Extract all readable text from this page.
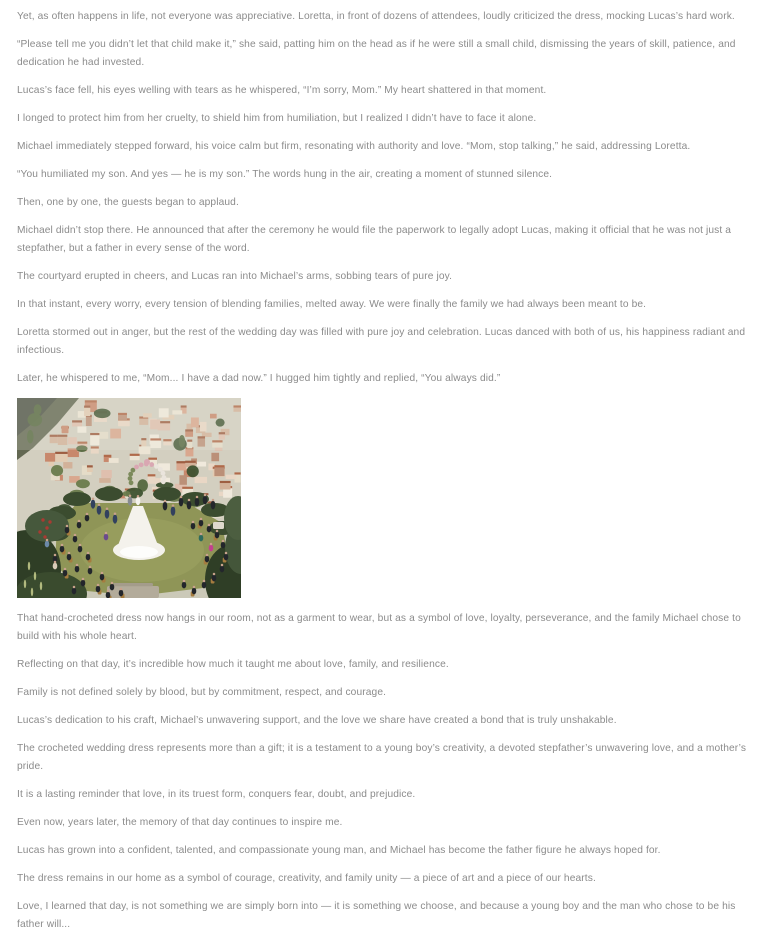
Yet, as often happens in life, not everyone was appreciative. Loretta, in front of dozens of attendees, loudly criticized the dress, mocking Lucas’s hard work.

“Please tell me you didn’t let that child make it,” she said, patting him on the head as if he were still a small child, dismissing the years of skill, patience, and dedication he had invested.

Lucas’s face fell, his eyes welling with tears as he whispered, “I’m sorry, Mom.” My heart shattered in that moment.

I longed to protect him from her cruelty, to shield him from humiliation, but I realized I didn’t have to face it alone.

Michael immediately stepped forward, his voice calm but firm, resonating with authority and love. “Mom, stop talking,” he said, addressing Loretta.

“You humiliated my son. And yes — he is my son.” The words hung in the air, creating a moment of stunned silence.

Then, one by one, the guests began to applaud.

Michael didn’t stop there. He announced that after the ceremony he would file the paperwork to legally adopt Lucas, making it official that he was not just a stepfather, but a father in every sense of the word.

The courtyard erupted in cheers, and Lucas ran into Michael’s arms, sobbing tears of pure joy.

In that instant, every worry, every tension of blending families, melted away. We were finally the family we had always been meant to be.

Loretta stormed out in anger, but the rest of the wedding day was filled with pure joy and celebration. Lucas danced with both of us, his happiness radiant and infectious.

Later, he whispered to me, “Mom... I have a dad now.” I hugged him tightly and replied, “You always did.”

That hand-crocheted dress now hangs in our room, not as a garment to wear, but as a symbol of love, loyalty, perseverance, and the family Michael chose to build with his whole heart.

Reflecting on that day, it’s incredible how much it taught me about love, family, and resilience.

Family is not defined solely by blood, but by commitment, respect, and courage.

Lucas’s dedication to his craft, Michael’s unwavering support, and the love we share have created a bond that is truly unshakable.

The crocheted wedding dress represents more than a gift; it is a testament to a young boy’s creativity, a devoted stepfather’s unwavering love, and a mother’s pride.

It is a lasting reminder that love, in its truest form, conquers fear, doubt, and prejudice.

Even now, years later, the memory of that day continues to inspire me.

Lucas has grown into a confident, talented, and compassionate young man, and Michael has become the father figure he always hoped for.

The dress remains in our home as a symbol of courage, creativity, and family unity — a piece of art and a piece of our hearts.

Love, I learned that day, is not something we are simply born into — it is something we choose, and because a young boy and the man who chose to be his father will...
